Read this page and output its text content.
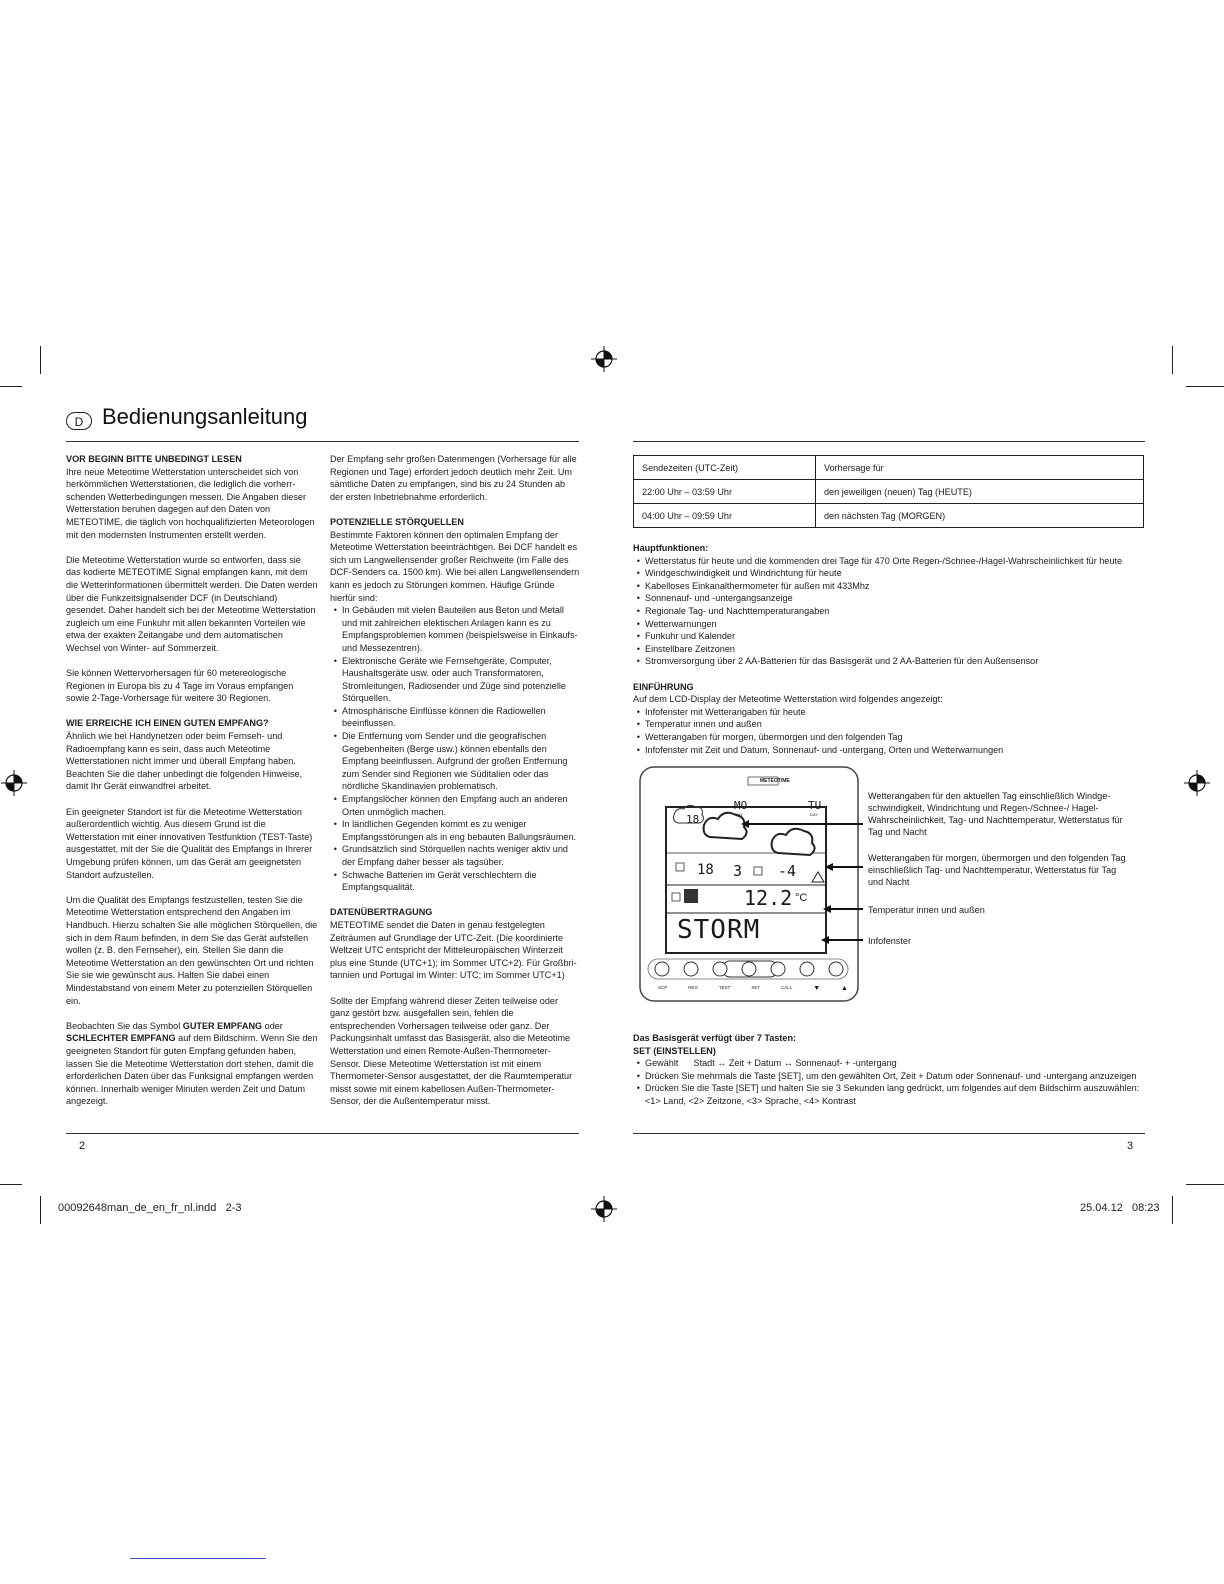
D Bedienungsanleitung
VOR BEGINN BITTE UNBEDINGT LESEN

Ihre neue Meteotime Wetterstation unterscheidet sich von herkömmlichen Wetterstationen, die lediglich die vorherrschenden Wetterbedingungen messen. Die Angaben dieser Wetterstation beruhen dagegen auf den Daten von METEOTIME, die täglich von hochqualifizierten Meteorologen mit den modernsten Instrumenten erstellt werden.

Die Meteotime Wetterstation wurde so entworfen, dass sie das kodierte METEOTIME Signal empfangen kann, mit dem die Wetterinformationen übermittelt werden. Die Daten werden über die Funkzeitsignalsender DCF (in Deutschland) gesendet. Daher handelt sich bei der Meteotime Wetterstation zugleich um eine Funkuhr mit allen bekannten Vorteilen wie etwa der exakten Zeitangabe und dem automatischen Wechsel von Winter- auf Sommerzeit.

Sie können Wettervorhersagen für 60 metereologische Regionen in Europa bis zu 4 Tage im Voraus empfangen sowie 2-Tage-Vorhersage für weitere 30 Regionen.

WIE ERREICHE ICH EINEN GUTEN EMPFANG?

Ähnlich wie bei Handynetzen oder beim Fernseh- und Radioempfang kann es sein, dass auch Meteotime Wetterstationen nicht immer und überall Empfang haben. Beachten Sie die daher unbedingt die folgenden Hinweise, damit Ihr Gerät einwandfrei arbeitet.

Ein geeigneter Standort ist für die Meteotime Wetterstation außerordentlich wichtig. Aus diesem Grund ist die Wetterstation mit einer innovativen Testfunktion (TEST-Taste) ausgestattet, mit der Sie die Qualität des Empfangs in Ihrerer Umgebung prüfen können, um das Gerät am geeignetsten Standort aufzustellen.

Um die Qualität des Empfangs festzustellen, testen Sie die Meteotime Wetterstation entsprechend den Angaben im Handbuch. Hierzu schalten Sie alle möglichen Störquellen, die sich in dem Raum befinden, in dem Sie das Gerät aufstellen wollen (z. B. den Fernseher), ein. Stellen Sie dann die Meteotime Wetterstation an den gewünschten Ort und richten Sie sie wie gewünscht aus. Halten Sie dabei einen Mindestabstand von einem Meter zu potenziellen Störquellen ein.

Beobachten Sie das Symbol GUTER EMPFANG oder SCHLECHTER EMPFANG auf dem Bildschirm. Wenn Sie den geeigneten Standort für guten Empfang gefunden haben, lassen Sie die Meteotime Wetterstation dort stehen, damit die erforderlichen Daten über das Funksignal empfangen werden können. Innerhalb weniger Minuten werden Zeit und Datum angezeigt.

Der Empfang sehr großen Datenmengen (Vorhersage für alle Regionen und Tage) erfordert jedoch deutlich mehr Zeit. Um sämtliche Daten zu empfangen, sind bis zu 24 Stunden ab der ersten Inbetriebnahme erforderlich.

POTENZIELLE STÖRQUELLEN

Bestimmte Faktoren können den optimalen Empfang der Meteotime Wetterstation beeinträchtigen. Bei DCF handelt es sich um Langwellensender großer Reichweite (im Falle des DCF-Senders ca. 1500 km). Wie bei allen Langwellensendern kann es jedoch zu Störungen kommen. Häufige Gründe hierfür sind:

• In Gebäuden mit vielen Bauteilen aus Beton und Metall und mit zahlreichen elektischen Anlagen kann es zu Empfangsproblemen kommen (beispielsweise in Einkaufs- und Messezentren).
• Elektronische Geräte wie Fernsehgeräte, Computer, Haushaltsgeräte usw. oder auch Transformatoren, Stromleitungen, Radiosender und Züge sind potenzielle Störquellen.
• Atmosphärische Einflüsse können die Radiowellen beeinflussen.
• Die Entfernung vom Sender und die geografischen Gegebenheiten (Berge usw.) können ebenfalls den Empfang beeinflussen. Aufgrund der großen Entfernung zum Sender sind Regionen wie Süditalien oder das nördliche Skandinavien problematisch.
• Empfangslöcher können den Empfang auch an anderen Orten unmöglich machen.
• In ländlichen Gegenden kommt es zu weniger Empfangsstörungen als in eng bebauten Ballungsräumen.
• Grundsätzlich sind Störquellen nachts weniger aktiv und der Empfang daher besser als tagsüber.
• Schwache Batterien im Gerät verschlechtern die Empfangsqualität.
DATENÜBERTRAGUNG

METEOTIME sendet die Daten in genau festgelegten Zeiträumen auf Grundlage der UTC-Zeit. (Die koordinierte Weltzeit UTC entspricht der Mitteleuropäischen Winterzeit plus eine Stunde (UTC+1); im Sommer UTC+2). Für Großbritannien und Portugal im Winter: UTC; im Sommer UTC+1)

Sollte der Empfang während dieser Zeiten teilweise oder ganz gestört bzw. ausgefallen sein, fehlen die entsprechenden Vorhersagen teilweise oder ganz. Der Packungsinhalt umfasst das Basisgerät, also die Meteotime Wetterstation und einen Remote-Außen-Thermometer-Sensor. Diese Meteotime Wetterstation ist mit einem Thermometer-Sensor ausgestattet, der die Raumtemperatur misst sowie mit einem kabellosen Außen-Thermometer-Sensor, der die Außentemperatur misst.

Sendezeiten (UTC-Zeit)	Vorhersage für
22:00 Uhr – 03:59 Uhr	den jeweiligen (neuen) Tag (HEUTE)
04:00 Uhr – 09:59 Uhr	den nächsten Tag (MORGEN)
Hauptfunktionen:
• Wetterstatus für heute und die kommenden drei Tage für 470 Orte Regen-/Schnee-/Hagel-Wahrscheinlichkeit für heute
• Windgeschwindigkeit und Windrichtung für heute
• Kabelloses Einkanalthermometer für außen mit 433Mhz
• Sonnenauf- und -untergangsanzeige
• Regionale Tag- und Nachttemperaturangaben
• Wetterwarnungen
• Funkuhr und Kalender
• Einstellbare Zeitzonen
• Stromversorgung über 2 AA-Batterien für das Basisgerät und 2 AA-Batterien für den Außensensor
EINFÜHRUNG

Auf dem LCD-Display der Meteotime Wetterstation wird folgendes angezeigt:

• Infofenster mit Wetterangaben für heute
• Temperatur innen und außen
• Wetterangaben für morgen, übermorgen und den folgenden Tag
• Infofenster mit Zeit und Datum, Sonnenauf- und -untergang, Orten und Wetterwarnungen
METEOTIME
MO
DAY
TU
DAY
18
18 3 -4
12.2 °C
STORM
SCP	REG	TEST	SET	CALL	▼	▲
Wetterangaben für den aktuellen Tag einschließlich Windgeschwindigkeit, Windrichtung und Regen-/Schnee-/ Hagel-Wahrscheinlichkeit, Tag- und Nachttemperatur, Wetterstatus für Tag und Nacht
Wetterangaben für morgen, übermorgen und den folgenden Tag einschließlich Tag- und Nachttemperatur, Wetterstatus für Tag und Nacht
Temperatur innen und außen
Infofenster
Das Basisgerät verfügt über 7 Tasten:
SET (EINSTELLEN)
• Gewählt      Stadt ↔ Zeit + Datum ↔ Sonnenauf- + -untergang
• Drücken Sie mehrmals die Taste [SET], um den gewählten Ort, Zeit + Datum oder Sonnenauf- und -untergang anzuzeigen
• Drücken Sie die Taste [SET] und halten Sie sie 3 Sekunden lang gedrückt, um folgendes auf dem Bildschirm auszuwählen: <1> Land, <2> Zeitzone, <3> Sprache, <4> Kontrast
2	3
00092648man_de_en_fr_nl.indd   2-3	25.04.12   08:23
